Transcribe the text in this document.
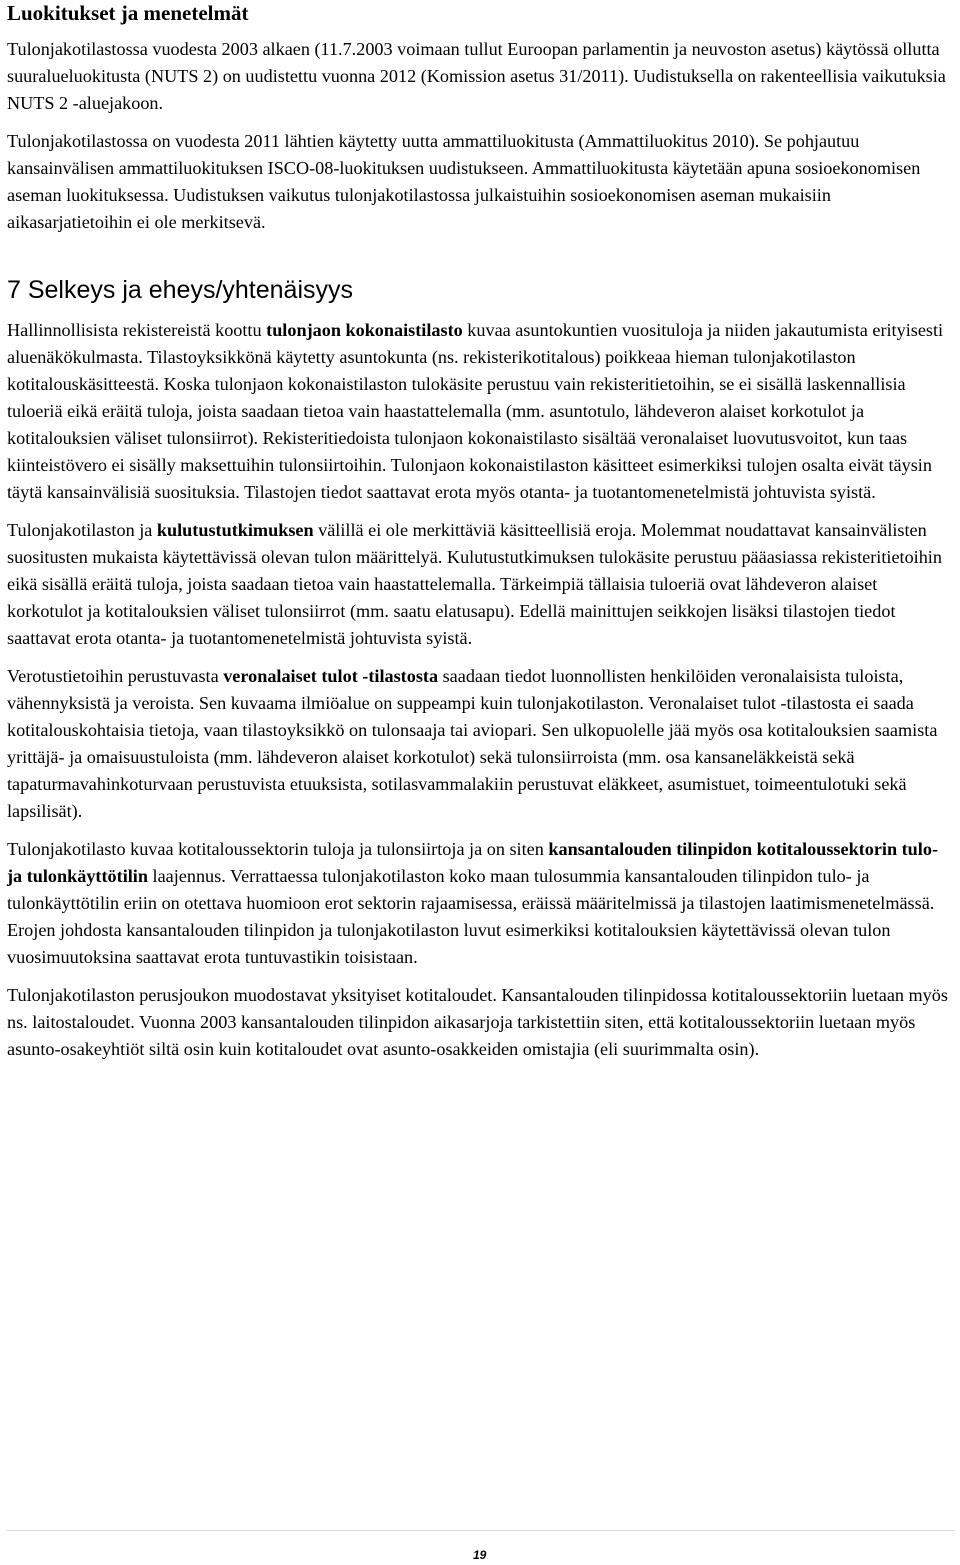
Luokitukset ja menetelmät

Tulonjakotilastossa vuodesta 2003 alkaen (11.7.2003 voimaan tullut Euroopan parlamentin ja neuvoston asetus) käytössä ollutta suuralueluokitusta (NUTS 2) on uudistettu vuonna 2012 (Komission asetus 31/2011). Uudistuksella on rakenteellisia vaikutuksia NUTS 2 -aluejakoon.

Tulonjakotilastossa on vuodesta 2011 lähtien käytetty uutta ammattiluokitusta (Ammattiluokitus 2010). Se pohjautuu kansainvälisen ammattiluokituksen ISCO-08-luokituksen uudistukseen. Ammattiluokitusta käytetään apuna sosioekonomisen aseman luokituksessa. Uudistuksen vaikutus tulonjakotilastossa julkaistuihin sosioekonomisen aseman mukaisiin aikasarjatietoihin ei ole merkitsevä.

7 Selkeys ja eheys/yhtenäisyys

Hallinnollisista rekistereistä koottu tulonjaon kokonaistilasto kuvaa asuntokuntien vuosituloja ja niiden jakautumista erityisesti aluenäkökulmasta. Tilastoyksikkönä käytetty asuntokunta (ns. rekisterikotitalous) poikkeaa hieman tulonjakotilaston kotitalouskäsitteestä. Koska tulonjaon kokonaistilaston tulokäsite perustuu vain rekisteritietoihin, se ei sisällä laskennallisia tuloeriä eikä eräitä tuloja, joista saadaan tietoa vain haastattelemalla (mm. asuntotulo, lähdeveron alaiset korkotulot ja kotitalouksien väliset tulonsiirrot). Rekisteritiedoista tulonjaon kokonaistilasto sisältää veronalaiset luovutusvoitot, kun taas kiinteistövero ei sisälly maksettuihin tulonsiirtoihin. Tulonjaon kokonaistilaston käsitteet esimerkiksi tulojen osalta eivät täysin täytä kansainvälisiä suosituksia. Tilastojen tiedot saattavat erota myös otanta- ja tuotantomenetelmistä johtuvista syistä.

Tulonjakotilaston ja kulutustutkimuksen välillä ei ole merkittäviä käsitteellisiä eroja. Molemmat noudattavat kansainvälisten suositusten mukaista käytettävissä olevan tulon määrittelyä. Kulutustutkimuksen tulokäsite perustuu pääasiassa rekisteritietoihin eikä sisällä eräitä tuloja, joista saadaan tietoa vain haastattelemalla. Tärkeimpiä tällaisia tuloeriä ovat lähdeveron alaiset korkotulot ja kotitalouksien väliset tulonsiirrot (mm. saatu elatusapu). Edellä mainittujen seikkojen lisäksi tilastojen tiedot saattavat erota otanta- ja tuotantomenetelmistä johtuvista syistä.

Verotustietoihin perustuvasta veronalaiset tulot -tilastosta saadaan tiedot luonnollisten henkilöiden veronalaisista tuloista, vähennyksistä ja veroista. Sen kuvaama ilmiöalue on suppeampi kuin tulonjakotilaston. Veronalaiset tulot -tilastosta ei saada kotitalouskohtaisia tietoja, vaan tilastoyksikkö on tulonsaaja tai aviopari. Sen ulkopuolelle jää myös osa kotitalouksien saamista yrittäjä- ja omaisuustuloista (mm. lähdeveron alaiset korkotulot) sekä tulonsiirroista (mm. osa kansaneläkkeistä sekä tapaturmavahinkoturvaan perustuvista etuuksista, sotilasvammalakiin perustuvat eläkkeet, asumistuet, toimeentulotuki sekä lapsilisät).

Tulonjakotilasto kuvaa kotitaloussektorin tuloja ja tulonsiirtoja ja on siten kansantalouden tilinpidon kotitaloussektorin tulo- ja tulonkäyttötilin laajennus. Verrattaessa tulonjakotilaston koko maan tulosummia kansantalouden tilinpidon tulo- ja tulonkäyttötilin eriin on otettava huomioon erot sektorin rajaamisessa, eräissä määritelmissä ja tilastojen laatimismenetelmässä. Erojen johdosta kansantalouden tilinpidon ja tulonjakotilaston luvut esimerkiksi kotitalouksien käytettävissä olevan tulon vuosimuutoksina saattavat erota tuntuvastikin toisistaan.

Tulonjakotilaston perusjoukon muodostavat yksityiset kotitaloudet. Kansantalouden tilinpidossa kotitaloussektoriin luetaan myös ns. laitostaloudet. Vuonna 2003 kansantalouden tilinpidon aikasarjoja tarkistettiin siten, että kotitaloussektoriin luetaan myös asunto-osakeyhtiöt siltä osin kuin kotitaloudet ovat asunto-osakkeiden omistajia (eli suurimmalta osin).

19
